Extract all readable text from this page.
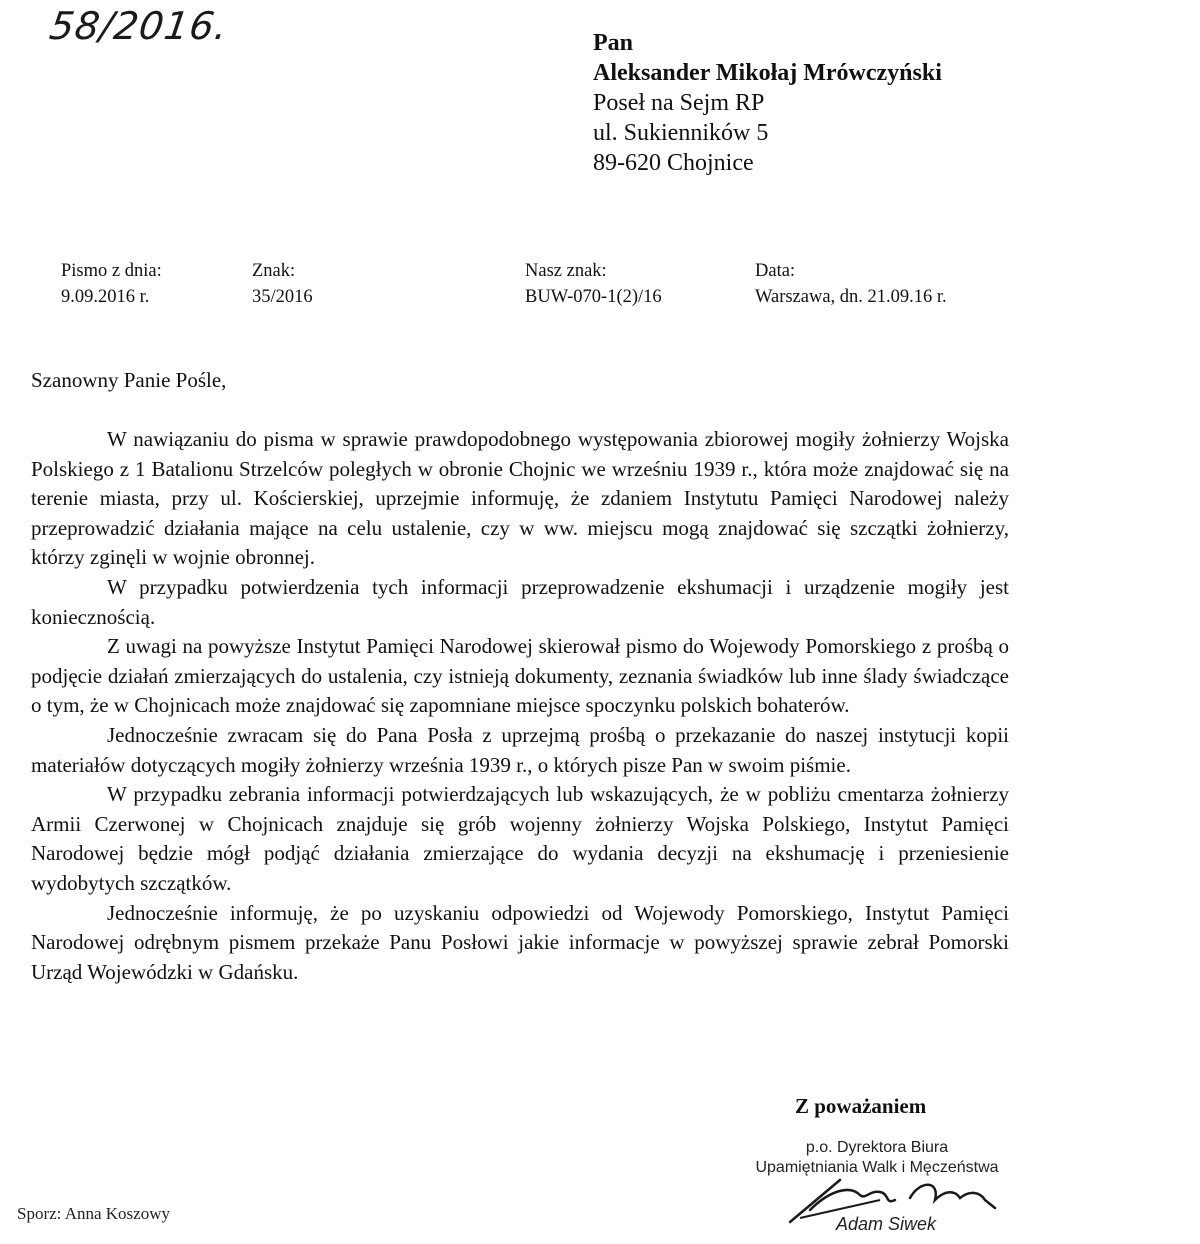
58/2016.	Pan
Aleksander Mikołaj Mrówczyński
Poseł na Sejm RP
ul. Sukienników 5
89-620 Chojnice
Pismo z dnia:
9.09.2016 r.
Znak:
35/2016
Nasz znak:
BUW-070-1(2)/16
Data:
Warszawa, dn. 21.09.16 r.
Szanowny Panie Pośle,

W nawiązaniu do pisma w sprawie prawdopodobnego występowania zbiorowej mogiły żołnierzy Wojska Polskiego z 1 Batalionu Strzelców poległych w obronie Chojnic we wrześniu 1939 r., która może znajdować się na terenie miasta, przy ul. Kościerskiej, uprzejmie informuję, że zdaniem Instytutu Pamięci Narodowej należy przeprowadzić działania mające na celu ustalenie, czy w ww. miejscu mogą znajdować się szczątki żołnierzy, którzy zginęli w wojnie obronnej.

W przypadku potwierdzenia tych informacji przeprowadzenie ekshumacji i urządzenie mogiły jest koniecznością.

Z uwagi na powyższe Instytut Pamięci Narodowej skierował pismo do Wojewody Pomorskiego z prośbą o podjęcie działań zmierzających do ustalenia, czy istnieją dokumenty, zeznania świadków lub inne ślady świadczące o tym, że w Chojnicach może znajdować się zapomniane miejsce spoczynku polskich bohaterów.

Jednocześnie zwracam się do Pana Posła z uprzejmą prośbą o przekazanie do naszej instytucji kopii materiałów dotyczących mogiły żołnierzy września 1939 r., o których pisze Pan w swoim piśmie.

W przypadku zebrania informacji potwierdzających lub wskazujących, że w pobliżu cmentarza żołnierzy Armii Czerwonej w Chojnicach znajduje się grób wojenny żołnierzy Wojska Polskiego, Instytut Pamięci Narodowej będzie mógł podjąć działania zmierzające do wydania decyzji na ekshumację i przeniesienie wydobytych szczątków.

Jednocześnie informuję, że po uzyskaniu odpowiedzi od Wojewody Pomorskiego, Instytut Pamięci Narodowej odrębnym pismem przekaże Panu Posłowi jakie informacje w powyższej sprawie zebrał Pomorski Urząd Wojewódzki w Gdańsku.

Z poważaniem
p.o. Dyrektora Biura
Upamiętniania Walk i Męczeństwa
Adam Siwek
Sporz: Anna Koszowy
